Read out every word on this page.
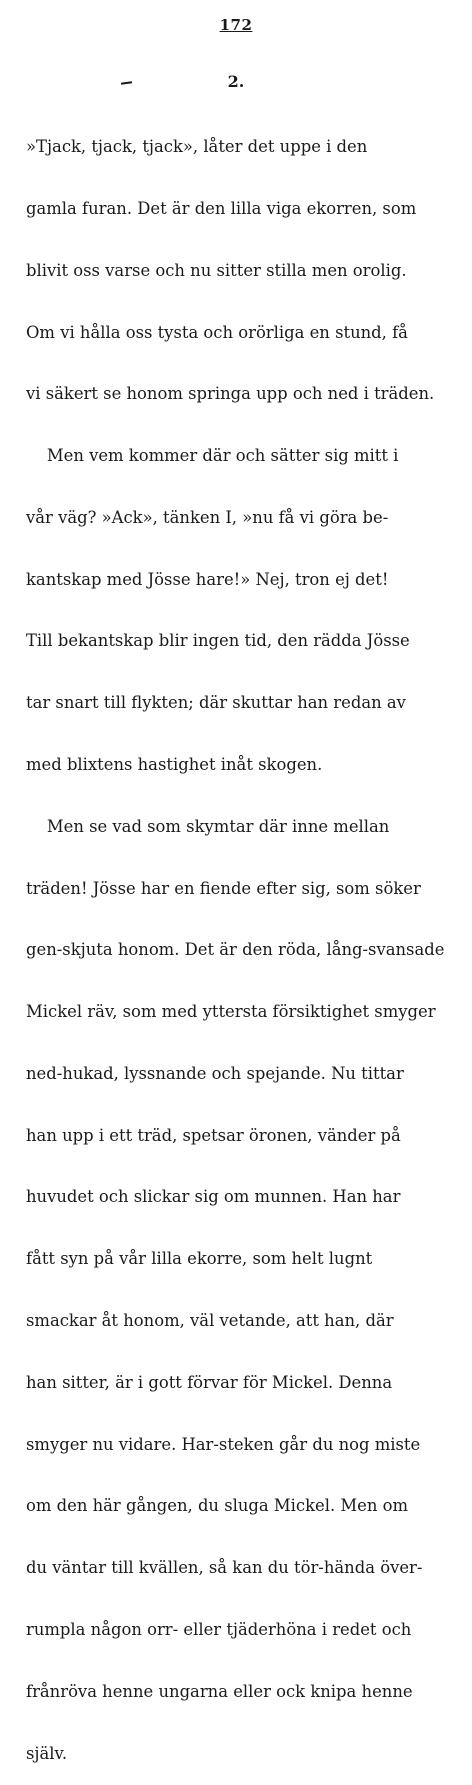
172
2.

»Tjack, tjack, tjack», låter det uppe i den

gamla furan. Det är den lilla viga ekorren, som

blivit oss varse och nu sitter stilla men orolig.

Om vi hålla oss tysta och orörliga en stund, få

vi säkert se honom springa upp och ned i träden.

Men vem kommer där och sätter sig mitt i

vår väg? »Ack», tänken I, »nu få vi göra be-

kantskap med Jösse hare!» Nej, tron ej det!

Till bekantskap blir ingen tid, den rädda Jösse

tar snart till flykten; där skuttar han redan av

med blixtens hastighet inåt skogen.

Men se vad som skymtar där inne mellan

träden! Jösse har en fiende efter sig, som söker

gen-skjuta honom. Det är den röda, lång-svansade

Mickel räv, som med yttersta försiktighet smyger

ned-hukad, lyssnande och spejande. Nu tittar

han upp i ett träd, spetsar öronen, vänder på

huvudet och slickar sig om munnen. Han har

fått syn på vår lilla ekorre, som helt lugnt

smackar åt honom, väl vetande, att han, där

han sitter, är i gott förvar för Mickel. Denna

smyger nu vidare. Har-steken går du nog miste

om den här gången, du sluga Mickel. Men om

du väntar till kvällen, så kan du tör-hända över-

rumpla någon orr- eller tjäderhöna i redet och

frånröva henne ungarna eller ock knipa henne

själv.
